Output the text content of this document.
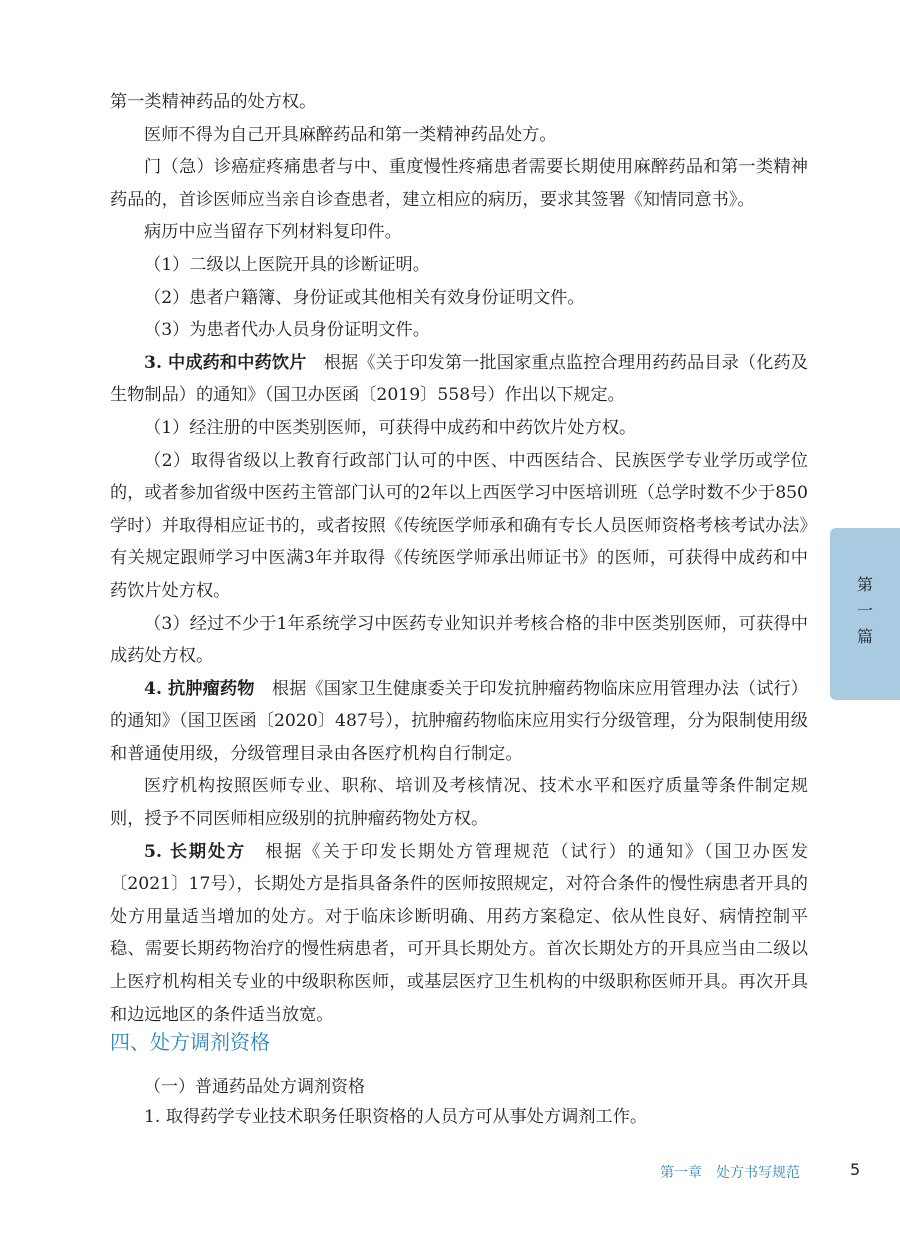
第一类精神药品的处方权。

医师不得为自己开具麻醉药品和第一类精神药品处方。

门（急）诊癌症疼痛患者与中、重度慢性疼痛患者需要长期使用麻醉药品和第一类精神药品的，首诊医师应当亲自诊查患者，建立相应的病历，要求其签署《知情同意书》。

病历中应当留存下列材料复印件。

（1）二级以上医院开具的诊断证明。

（2）患者户籍簿、身份证或其他相关有效身份证明文件。

（3）为患者代办人员身份证明文件。

3. 中成药和中药饮片　 根据《关于印发第一批国家重点监控合理用药药品目录（化药及生物制品）的通知》（国卫办医函〔2019〕558号）作出以下规定。

（1）经注册的中医类别医师，可获得中成药和中药饮片处方权。

（2）取得省级以上教育行政部门认可的中医、中西医结合、民族医学专业学历或学位的，或者参加省级中医药主管部门认可的2年以上西医学习中医培训班（总学时数不少于850学时）并取得相应证书的，或者按照《传统医学师承和确有专长人员医师资格考核考试办法》有关规定跟师学习中医满3年并取得《传统医学师承出师证书》的医师，可获得中成药和中药饮片处方权。

（3）经过不少于1年系统学习中医药专业知识并考核合格的非中医类别医师，可获得中成药处方权。

4. 抗肿瘤药物　 根据《国家卫生健康委关于印发抗肿瘤药物临床应用管理办法（试行）的通知》（国卫医函〔2020〕487号），抗肿瘤药物临床应用实行分级管理，分为限制使用级和普通使用级，分级管理目录由各医疗机构自行制定。

医疗机构按照医师专业、职称、培训及考核情况、技术水平和医疗质量等条件制定规则，授予不同医师相应级别的抗肿瘤药物处方权。

5. 长期处方　 根据《关于印发长期处方管理规范（试行）的通知》（国卫办医发〔2021〕17号），长期处方是指具备条件的医师按照规定，对符合条件的慢性病患者开具的处方用量适当增加的处方。对于临床诊断明确、用药方案稳定、依从性良好、病情控制平稳、需要长期药物治疗的慢性病患者，可开具长期处方。首次长期处方的开具应当由二级以上医疗机构相关专业的中级职称医师，或基层医疗卫生机构的中级职称医师开具。再次开具和边远地区的条件适当放宽。

四、处方调剂资格
（一）普通药品处方调剂资格

1. 取得药学专业技术职务任职资格的人员方可从事处方调剂工作。

第
一
篇
第一章　处方书写规范	5
